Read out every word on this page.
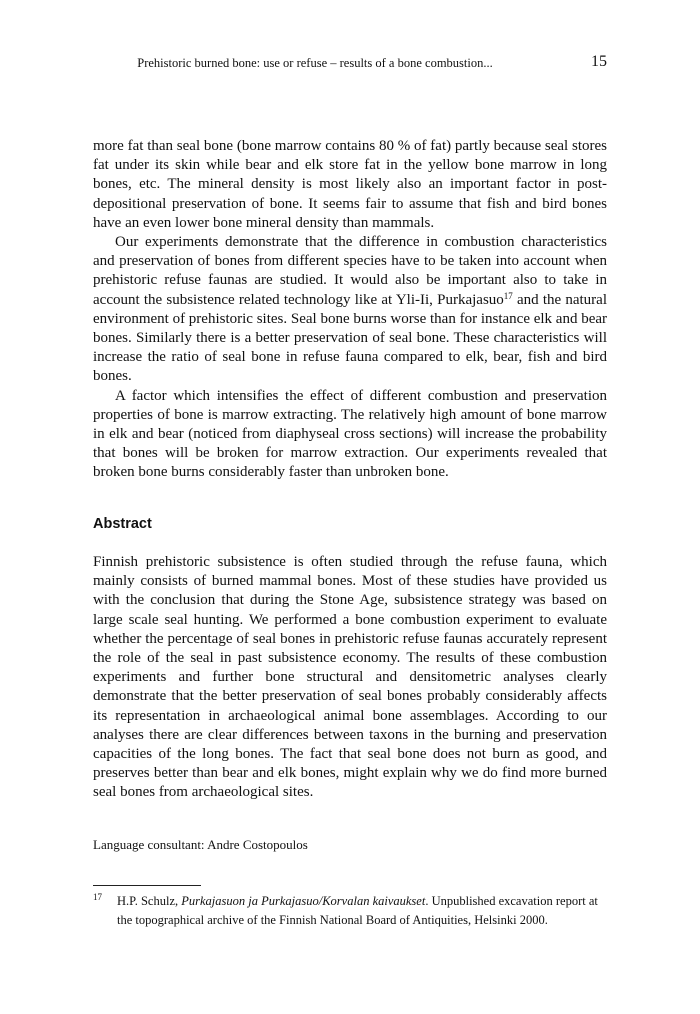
Prehistoric burned bone: use or refuse – results of a bone combustion...	15

more fat than seal bone (bone marrow contains 80 % of fat) partly because seal stores fat under its skin while bear and elk store fat in the yellow bone marrow in long bones, etc. The mineral density is most likely also an important factor in post-depositional preservation of bone. It seems fair to assume that fish and bird bones have an even lower bone mineral density than mammals.

Our experiments demonstrate that the difference in combustion characteristics and preservation of bones from different species have to be taken into account when prehistoric refuse faunas are studied. It would also be important also to take in account the subsistence related technology like at Yli-Ii, Purkajasuo$^{17}$ and the natural environment of prehistoric sites. Seal bone burns worse than for instance elk and bear bones. Similarly there is a better preservation of seal bone. These characteristics will increase the ratio of seal bone in refuse fauna compared to elk, bear, fish and bird bones.

A factor which intensifies the effect of different combustion and preservation properties of bone is marrow extracting. The relatively high amount of bone marrow in elk and bear (noticed from diaphyseal cross sections) will increase the probability that bones will be broken for marrow extraction. Our experiments revealed that broken bone burns considerably faster than unbroken bone.

Abstract

Finnish prehistoric subsistence is often studied through the refuse fauna, which mainly consists of burned mammal bones. Most of these studies have provided us with the conclusion that during the Stone Age, subsistence strategy was based on large scale seal hunting. We performed a bone combustion experiment to evaluate whether the percentage of seal bones in prehistoric refuse faunas accurately represent the role of the seal in past subsistence economy. The results of these combustion experiments and further bone structural and densitometric analyses clearly demonstrate that the better preservation of seal bones probably considerably affects its representation in archaeological animal bone assemblages. According to our analyses there are clear differences between taxons in the burning and preservation capacities of the long bones. The fact that seal bone does not burn as good, and preserves better than bear and elk bones, might explain why we do find more burned seal bones from archaeological sites.

Language consultant: Andre Costopoulos
17 H.P. Schulz, Purkajasuon ja Purkajasuo/Korvalan kaivaukset. Unpublished excavation report at
the topographical archive of the Finnish National Board of Antiquities, Helsinki 2000.
